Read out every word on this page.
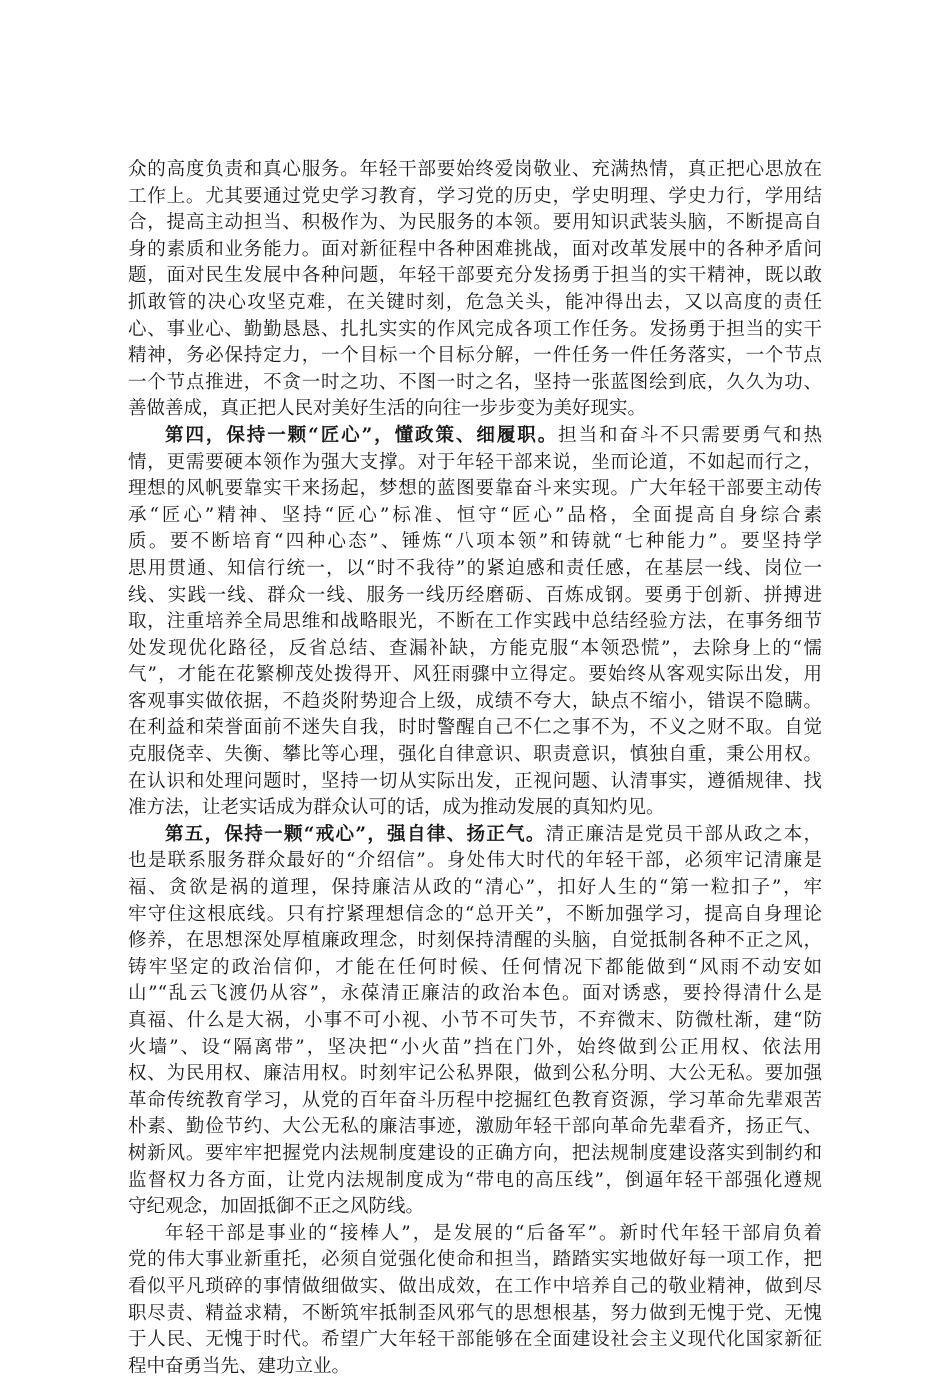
众的高度负责和真心服务。年轻干部要始终爱岗敬业、充满热情，真正把心思放在
工作上。尤其要通过党史学习教育，学习党的历史，学史明理、学史力行，学用结
合，提高主动担当、积极作为、为民服务的本领。要用知识武装头脑，不断提高自
身的素质和业务能力。面对新征程中各种困难挑战，面对改革发展中的各种矛盾问
题，面对民生发展中各种问题，年轻干部要充分发扬勇于担当的实干精神，既以敢
抓敢管的决心攻坚克难，在关键时刻，危急关头，能冲得出去，又以高度的责任
心、事业心、勤勤恳恳、扎扎实实的作风完成各项工作任务。发扬勇于担当的实干
精神，务必保持定力，一个目标一个目标分解，一件任务一件任务落实，一个节点
一个节点推进，不贪一时之功、不图一时之名，坚持一张蓝图绘到底，久久为功、
善做善成，真正把人民对美好生活的向往一步步变为美好现实。
第四，保持一颗“匠心”，懂政策、细履职。担当和奋斗不只需要勇气和热
情，更需要硬本领作为强大支撑。对于年轻干部来说，坐而论道，不如起而行之，
理想的风帆要靠实干来扬起，梦想的蓝图要靠奋斗来实现。广大年轻干部要主动传
承“匠心”精神、坚持“匠心”标准、恒守“匠心”品格，全面提高自身综合素
质。要不断培育“四种心态”、锤炼“八项本领”和铸就“七种能力”。要坚持学
思用贯通、知信行统一，以“时不我待”的紧迫感和责任感，在基层一线、岗位一
线、实践一线、群众一线、服务一线历经磨砺、百炼成钢。要勇于创新、拼搏进
取，注重培养全局思维和战略眼光，不断在工作实践中总结经验方法，在事务细节
处发现优化路径，反省总结、查漏补缺，方能克服“本领恐慌”，去除身上的“懦
气”，才能在花繁柳茂处拨得开、风狂雨骤中立得定。要始终从客观实际出发，用
客观事实做依据，不趋炎附势迎合上级，成绩不夸大，缺点不缩小，错误不隐瞒。
在利益和荣誉面前不迷失自我，时时警醒自己不仁之事不为，不义之财不取。自觉
克服侥幸、失衡、攀比等心理，强化自律意识、职责意识，慎独自重，秉公用权。
在认识和处理问题时，坚持一切从实际出发，正视问题、认清事实，遵循规律、找
准方法，让老实话成为群众认可的话，成为推动发展的真知灼见。
第五，保持一颗“戒心”，强自律、扬正气。清正廉洁是党员干部从政之本，
也是联系服务群众最好的“介绍信”。身处伟大时代的年轻干部，必须牢记清廉是
福、贪欲是祸的道理，保持廉洁从政的“清心”，扣好人生的“第一粒扣子”，牢
牢守住这根底线。只有拧紧理想信念的“总开关”，不断加强学习，提高自身理论
修养，在思想深处厚植廉政理念，时刻保持清醒的头脑，自觉抵制各种不正之风，
铸牢坚定的政治信仰，才能在任何时候、任何情况下都能做到“风雨不动安如
山”“乱云飞渡仍从容”，永葆清正廉洁的政治本色。面对诱惑，要拎得清什么是
真福、什么是大祸，小事不可小视、小节不可失节，不弃微末、防微杜渐，建“防
火墙”、设“隔离带”，坚决把“小火苗”挡在门外，始终做到公正用权、依法用
权、为民用权、廉洁用权。时刻牢记公私界限，做到公私分明、大公无私。要加强
革命传统教育学习，从党的百年奋斗历程中挖掘红色教育资源，学习革命先辈艰苦
朴素、勤俭节约、大公无私的廉洁事迹，激励年轻干部向革命先辈看齐，扬正气、
树新风。要牢牢把握党内法规制度建设的正确方向，把法规制度建设落实到制约和
监督权力各方面，让党内法规制度成为“带电的高压线”，倒逼年轻干部强化遵规
守纪观念，加固抵御不正之风防线。
年轻干部是事业的“接棒人”，是发展的“后备军”。新时代年轻干部肩负着
党的伟大事业新重托，必须自觉强化使命和担当，踏踏实实地做好每一项工作，把
看似平凡琐碎的事情做细做实、做出成效，在工作中培养自己的敬业精神，做到尽
职尽责、精益求精，不断筑牢抵制歪风邪气的思想根基，努力做到无愧于党、无愧
于人民、无愧于时代。希望广大年轻干部能够在全面建设社会主义现代化国家新征
程中奋勇当先、建功立业。
